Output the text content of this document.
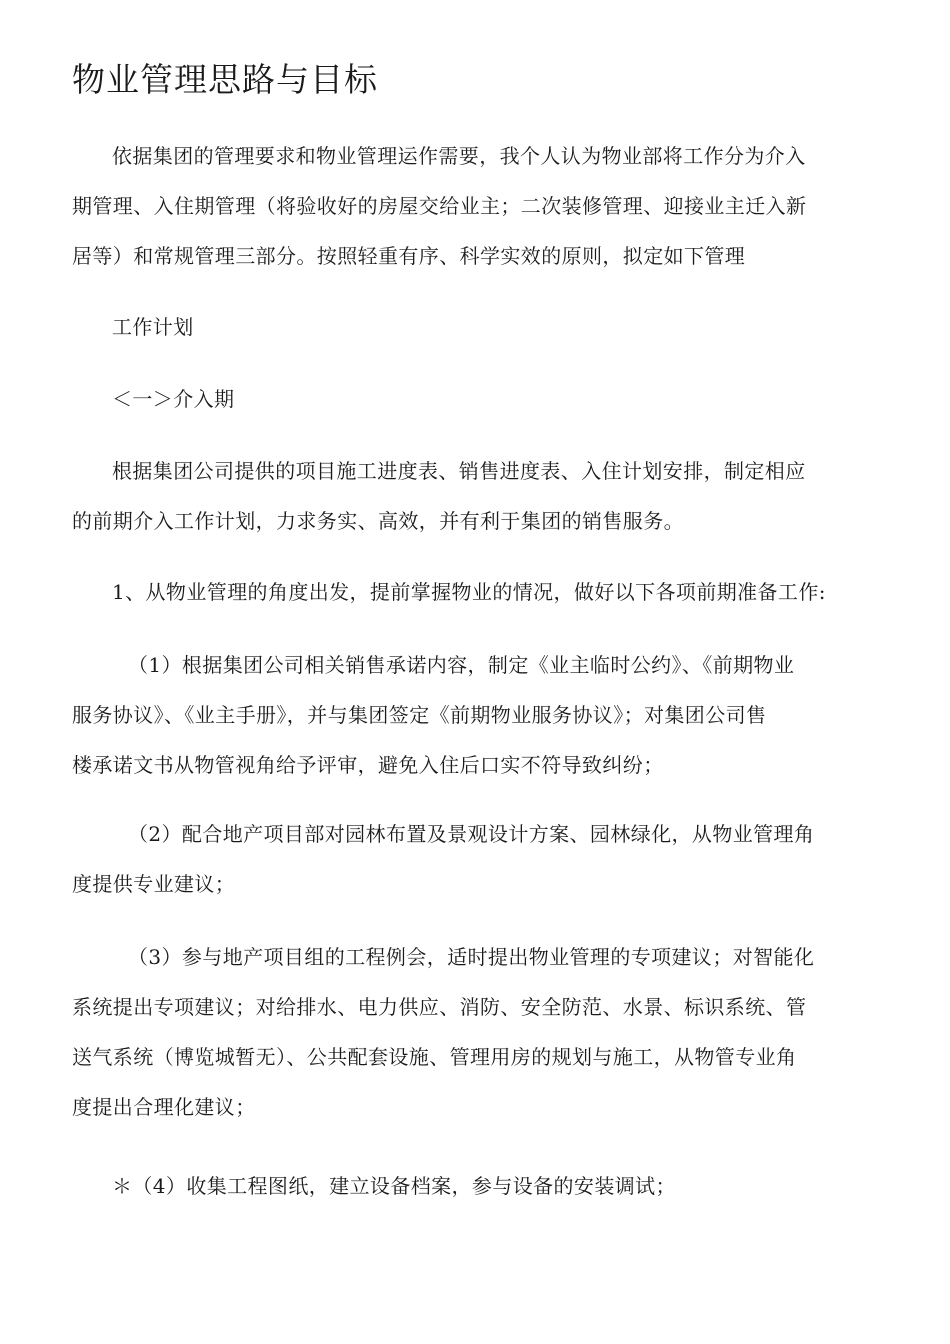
物业管理思路与目标

依据集团的管理要求和物业管理运作需要，我个人认为物业部将工作分为介入
期管理、入住期管理（将验收好的房屋交给业主；二次装修管理、迎接业主迁入新
居等）和常规管理三部分。按照轻重有序、科学实效的原则，拟定如下管理

工作计划

＜一＞介入期

根据集团公司提供的项目施工进度表、销售进度表、入住计划安排，制定相应
的前期介入工作计划，力求务实、高效，并有利于集团的销售服务。

1、从物业管理的角度出发，提前掌握物业的情况，做好以下各项前期准备工作:

（1）根据集团公司相关销售承诺内容，制定《业主临时公约》、《前期物业
服务协议》、《业主手册》，并与集团签定《前期物业服务协议》；对集团公司售
楼承诺文书从物管视角给予评审，避免入住后口实不符导致纠纷；

（2）配合地产项目部对园林布置及景观设计方案、园林绿化，从物业管理角
度提供专业建议；

（3）参与地产项目组的工程例会，适时提出物业管理的专项建议；对智能化
系统提出专项建议；对给排水、电力供应、消防、安全防范、水景、标识系统、管
送气系统（博览城暂无）、公共配套设施、管理用房的规划与施工，从物管专业角
度提出合理化建议；

＊（4）收集工程图纸，建立设备档案，参与设备的安装调试；
